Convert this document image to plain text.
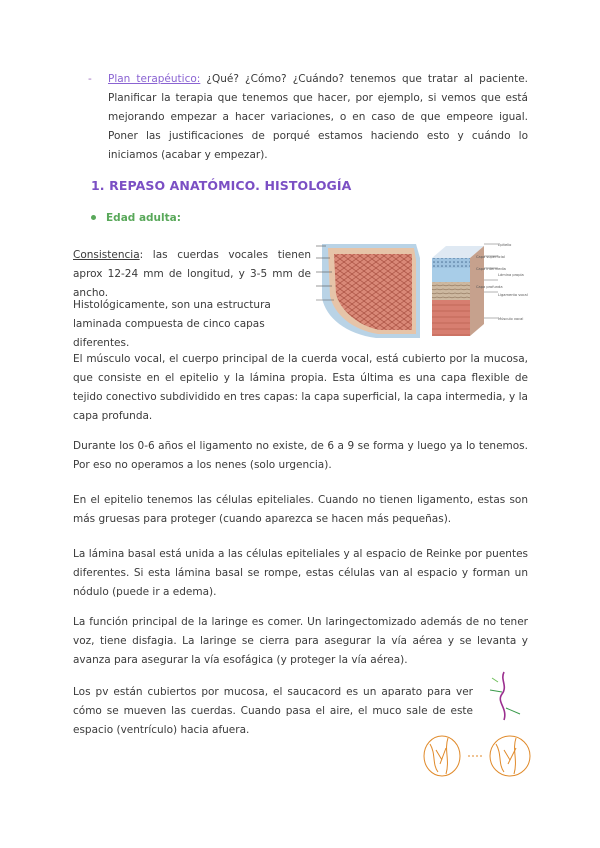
- Plan terapéutico: ¿Qué? ¿Cómo? ¿Cuándo? tenemos que tratar al paciente. Planificar la terapia que tenemos que hacer, por ejemplo, si vemos que está mejorando empezar a hacer variaciones, o en caso de que empeore igual. Poner las justificaciones de porqué estamos haciendo esto y cuándo lo iniciamos (acabar y empezar).

1. REPASO ANATÓMICO. HISTOLOGÍA
Edad adulta:

Consistencia: las cuerdas vocales tienen aprox 12-24 mm de longitud, y 3-5 mm de ancho.

Histológicamente, son una estructura laminada compuesta de cinco capas diferentes.

Epitelio
Capa superficial
Capa intermedia
Lámina propia
Capa profunda
Ligamento vocal
Músculo vocal

El músculo vocal, el cuerpo principal de la cuerda vocal, está cubierto por la mucosa, que consiste en el epitelio y la lámina propia. Esta última es una capa flexible de tejido conectivo subdividido en tres capas: la capa superficial, la capa intermedia, y la capa profunda.

Durante los 0-6 años el ligamento no existe, de 6 a 9 se forma y luego ya lo tenemos. Por eso no operamos a los nenes (solo urgencia).

En el epitelio tenemos las células epiteliales. Cuando no tienen ligamento, estas son más gruesas para proteger (cuando aparezca se hacen más pequeñas).

La lámina basal está unida a las células epiteliales y al espacio de Reinke por puentes diferentes. Si esta lámina basal se rompe, estas células van al espacio y forman un nódulo (puede ir a edema).

La función principal de la laringe es comer. Un laringectomizado además de no tener voz, tiene disfagia. La laringe se cierra para asegurar la vía aérea y se levanta y avanza para asegurar la vía esofágica (y proteger la vía aérea).

Los pv están cubiertos por mucosa, el saucacord es un aparato para ver cómo se mueven las cuerdas. Cuando pasa el aire, el muco sale de este espacio (ventrículo) hacia afuera.
